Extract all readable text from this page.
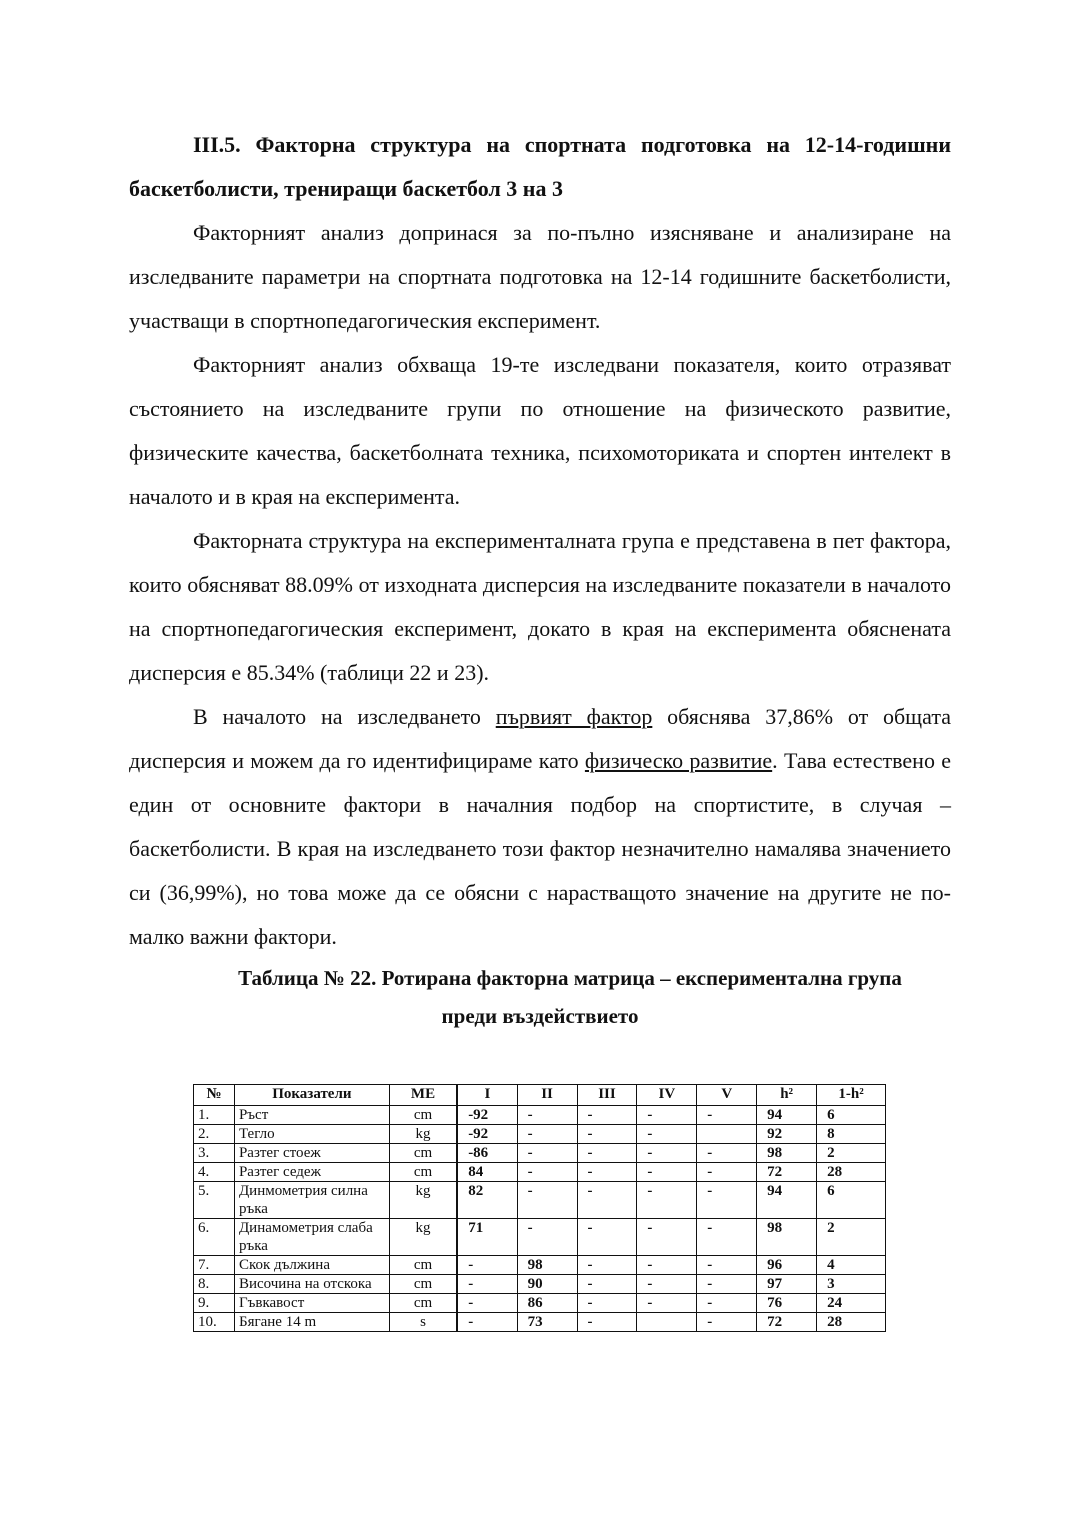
III.5. Факторна структура на спортната подготовка на 12-14-годишни баскетболисти, трениращи баскетбол 3 на 3

Факторният анализ допринася за по-пълно изясняване и анализиране на изследваните параметри на спортната подготовка на 12-14 годишните баскетболисти, участващи в спортнопедагогическия експеримент.

Факторният анализ обхваща 19-те изследвани показателя, които отразяват състоянието на изследваните групи по отношение на физическото развитие, физическите качества, баскетболната техника, психомоториката и спортен интелект в началото и в края на експеримента.

Факторната структура на експерименталната група е представена в пет фактора, които обясняват 88.09% от изходната дисперсия на изследваните показатели в началото на спортнопедагогическия експеримент, докато в края на експеримента обяснената дисперсия е 85.34% (таблици 22 и 23).

В началото на изследването първият фактор обяснява 37,86% от общата дисперсия и можем да го идентифицираме като физическо развитие. Тава естествено е един от основните фактори в началния подбор на спортистите, в случая – баскетболисти. В края на изследването този фактор незначително намалява значението си (36,99%), но това може да се обясни с нарастващото значение на другите не по-малко важни фактори.

Таблица № 22. Ротирана факторна матрица – експериментална група
преди въздействието

№	Показатели	МЕ	I	II	III	IV	V	h²	1-h²
1.	Ръст	cm	-92	-	-	-	-	94	6
2.	Тегло	kg	-92	-	-	-		92	8
3.	Разтег стоеж	cm	-86	-	-	-	-	98	2
4.	Разтег седеж	cm	84	-	-	-	-	72	28
5.	Динмометрия силна ръка	kg	82	-	-	-	-	94	6
6.	Динамометрия слаба ръка	kg	71	-	-	-	-	98	2
7.	Скок дължина	cm	-	98	-	-	-	96	4
8.	Височина на отскока	cm	-	90	-	-	-	97	3
9.	Гъвкавост	cm	-	86	-	-	-	76	24
10.	Бягане 14 m	s	-	73	-		-	72	28
